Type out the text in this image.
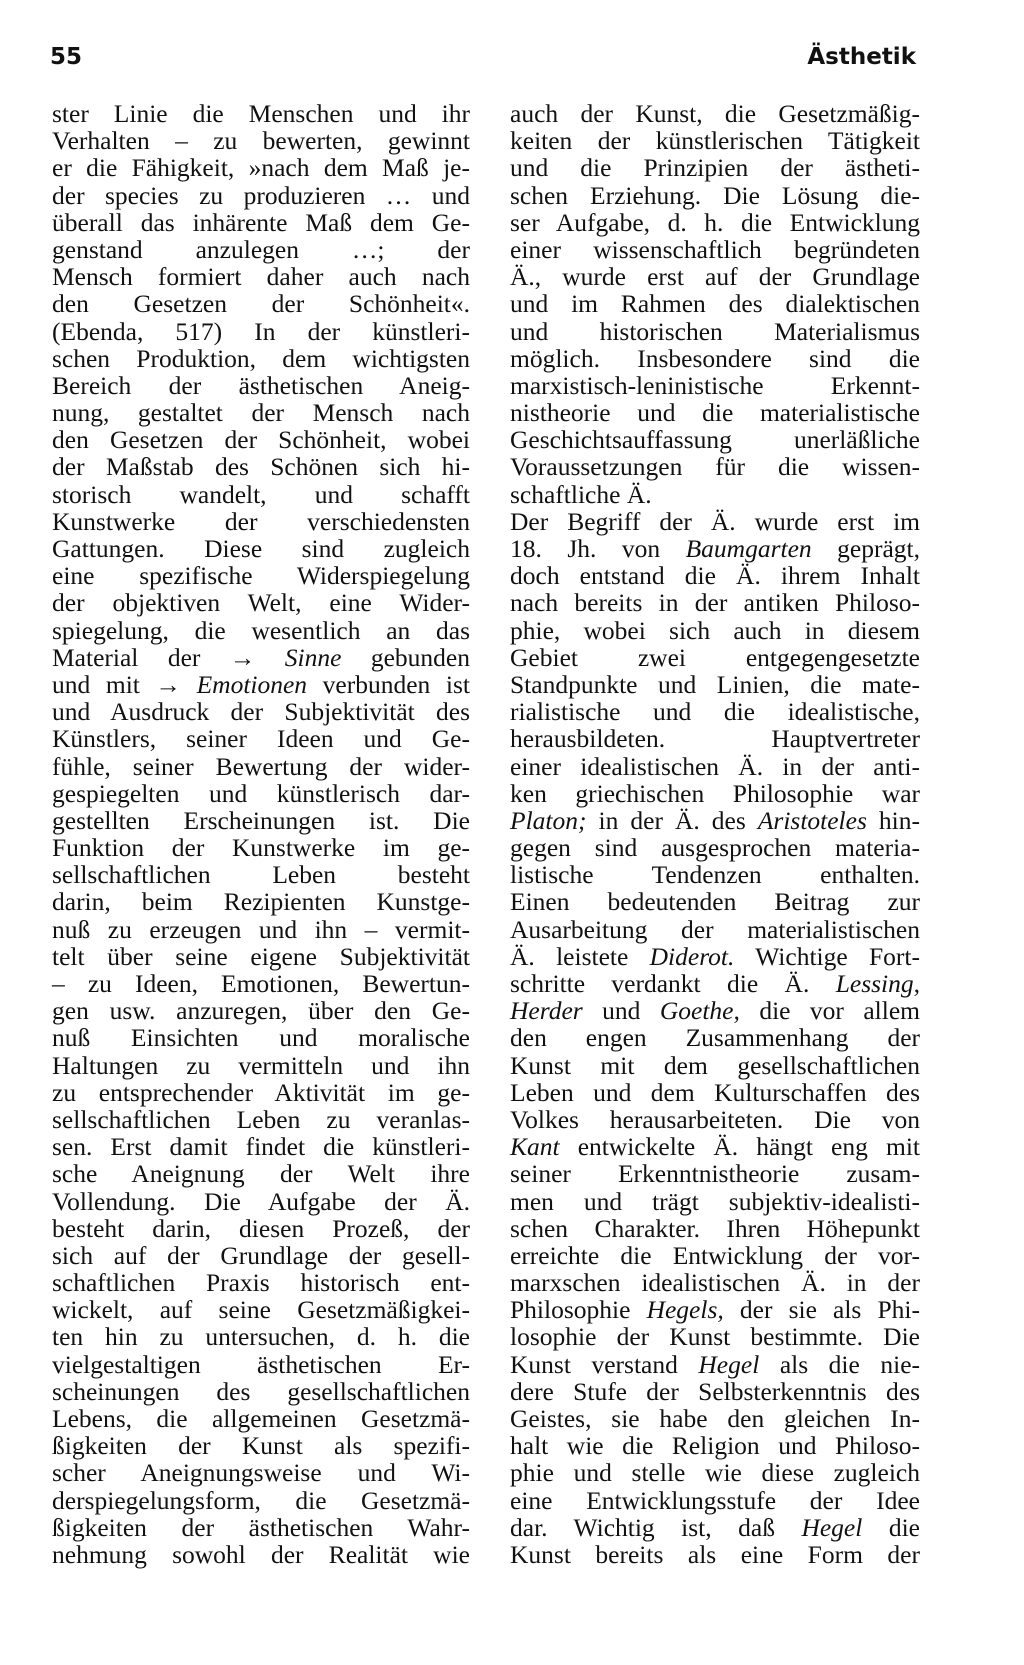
55	Ästhetik
ster Linie die Menschen und ihr
Verhalten – zu bewerten, gewinnt
er die Fähigkeit, »nach dem Maß je-
der species zu produzieren … und
überall das inhärente Maß dem Ge-
genstand anzulegen …; der
Mensch formiert daher auch nach
den Gesetzen der Schönheit«.
(Ebenda, 517) In der künstleri-
schen Produktion, dem wichtigsten
Bereich der ästhetischen Aneig-
nung, gestaltet der Mensch nach
den Gesetzen der Schönheit, wobei
der Maßstab des Schönen sich hi-
storisch wandelt, und schafft
Kunstwerke der verschiedensten
Gattungen. Diese sind zugleich
eine spezifische Widerspiegelung
der objektiven Welt, eine Wider-
spiegelung, die wesentlich an das
Material der → Sinne gebunden
und mit → Emotionen verbunden ist
und Ausdruck der Subjektivität des
Künstlers, seiner Ideen und Ge-
fühle, seiner Bewertung der wider-
gespiegelten und künstlerisch dar-
gestellten Erscheinungen ist. Die
Funktion der Kunstwerke im ge-
sellschaftlichen Leben besteht
darin, beim Rezipienten Kunstge-
nuß zu erzeugen und ihn – vermit-
telt über seine eigene Subjektivität
– zu Ideen, Emotionen, Bewertun-
gen usw. anzuregen, über den Ge-
nuß Einsichten und moralische
Haltungen zu vermitteln und ihn
zu entsprechender Aktivität im ge-
sellschaftlichen Leben zu veranlas-
sen. Erst damit findet die künstleri-
sche Aneignung der Welt ihre
Vollendung. Die Aufgabe der Ä.
besteht darin, diesen Prozeß, der
sich auf der Grundlage der gesell-
schaftlichen Praxis historisch ent-
wickelt, auf seine Gesetzmäßigkei-
ten hin zu untersuchen, d. h. die
vielgestaltigen ästhetischen Er-
scheinungen des gesellschaftlichen
Lebens, die allgemeinen Gesetzmä-
ßigkeiten der Kunst als spezifi-
scher Aneignungsweise und Wi-
derspiegelungsform, die Gesetzmä-
ßigkeiten der ästhetischen Wahr-
nehmung sowohl der Realität wie
auch der Kunst, die Gesetzmäßig-
keiten der künstlerischen Tätigkeit
und die Prinzipien der ästheti-
schen Erziehung. Die Lösung die-
ser Aufgabe, d. h. die Entwicklung
einer wissenschaftlich begründeten
Ä., wurde erst auf der Grundlage
und im Rahmen des dialektischen
und historischen Materialismus
möglich. Insbesondere sind die
marxistisch-leninistische Erkennt-
nistheorie und die materialistische
Geschichtsauffassung unerläßliche
Voraussetzungen für die wissen-
schaftliche Ä.
Der Begriff der Ä. wurde erst im
18. Jh. von Baumgarten geprägt,
doch entstand die Ä. ihrem Inhalt
nach bereits in der antiken Philoso-
phie, wobei sich auch in diesem
Gebiet zwei entgegengesetzte
Standpunkte und Linien, die mate-
rialistische und die idealistische,
herausbildeten. Hauptvertreter
einer idealistischen Ä. in der anti-
ken griechischen Philosophie war
Platon; in der Ä. des Aristoteles hin-
gegen sind ausgesprochen materia-
listische Tendenzen enthalten.
Einen bedeutenden Beitrag zur
Ausarbeitung der materialistischen
Ä. leistete Diderot. Wichtige Fort-
schritte verdankt die Ä. Lessing,
Herder und Goethe, die vor allem
den engen Zusammenhang der
Kunst mit dem gesellschaftlichen
Leben und dem Kulturschaffen des
Volkes herausarbeiteten. Die von
Kant entwickelte Ä. hängt eng mit
seiner Erkenntnistheorie zusam-
men und trägt subjektiv-idealisti-
schen Charakter. Ihren Höhepunkt
erreichte die Entwicklung der vor-
marxschen idealistischen Ä. in der
Philosophie Hegels, der sie als Phi-
losophie der Kunst bestimmte. Die
Kunst verstand Hegel als die nie-
dere Stufe der Selbsterkenntnis des
Geistes, sie habe den gleichen In-
halt wie die Religion und Philoso-
phie und stelle wie diese zugleich
eine Entwicklungsstufe der Idee
dar. Wichtig ist, daß Hegel die
Kunst bereits als eine Form der
